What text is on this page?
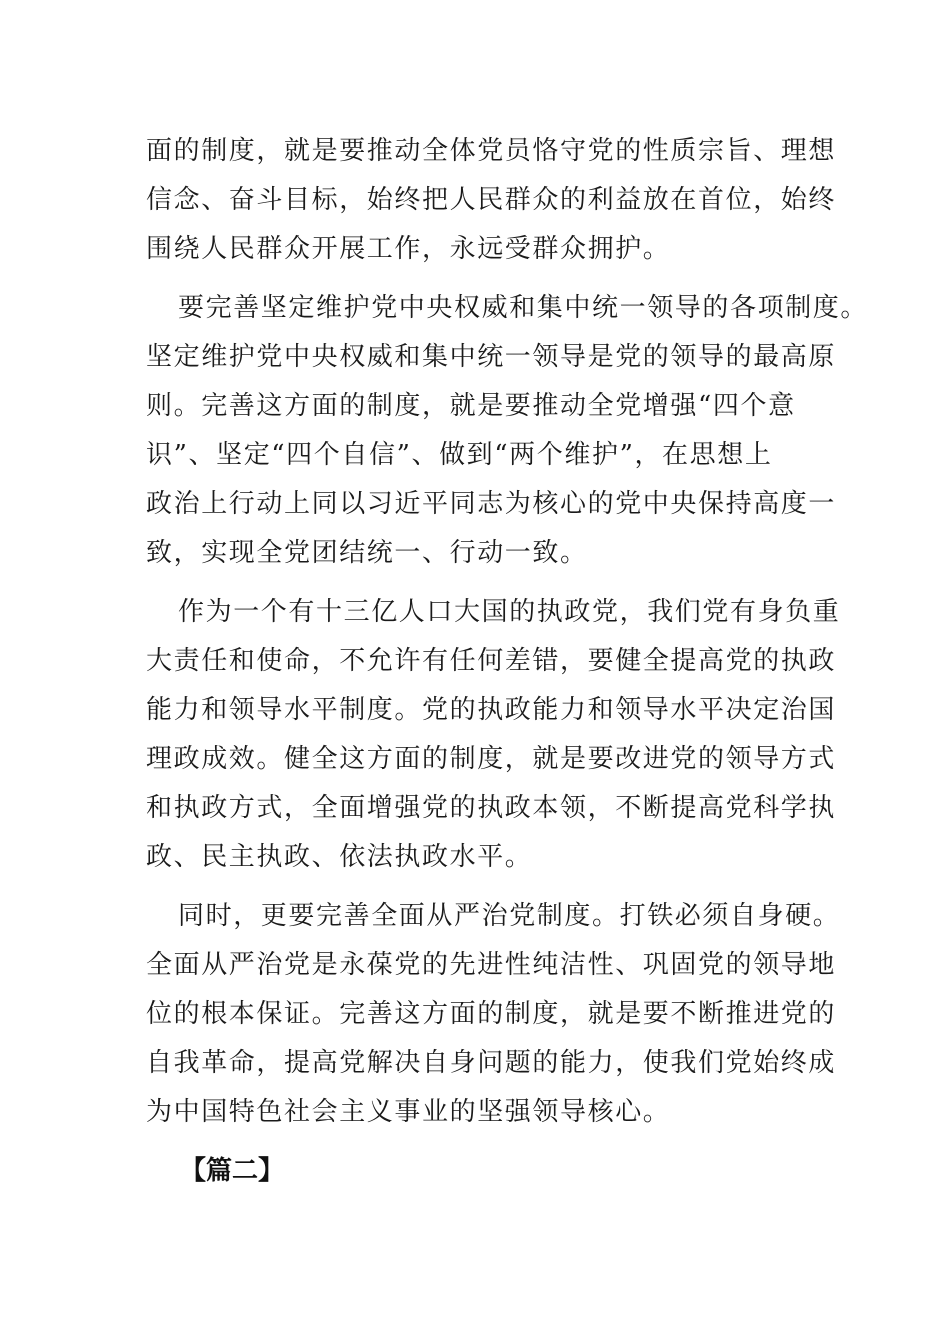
面的制度，就是要推动全体党员恪守党的性质宗旨、理想
信念、奋斗目标，始终把人民群众的利益放在首位，始终
围绕人民群众开展工作，永远受群众拥护。
要完善坚定维护党中央权威和集中统一领导的各项制度。
坚定维护党中央权威和集中统一领导是党的领导的最高原
则。完善这方面的制度，就是要推动全党增强“四个意
识”、坚定“四个自信”、做到“两个维护”，在思想上
政治上行动上同以习近平同志为核心的党中央保持高度一
致，实现全党团结统一、行动一致。
作为一个有十三亿人口大国的执政党，我们党有身负重
大责任和使命，不允许有任何差错，要健全提高党的执政
能力和领导水平制度。党的执政能力和领导水平决定治国
理政成效。健全这方面的制度，就是要改进党的领导方式
和执政方式，全面增强党的执政本领，不断提高党科学执
政、民主执政、依法执政水平。
同时，更要完善全面从严治党制度。打铁必须自身硬。
全面从严治党是永葆党的先进性纯洁性、巩固党的领导地
位的根本保证。完善这方面的制度，就是要不断推进党的
自我革命，提高党解决自身问题的能力，使我们党始终成
为中国特色社会主义事业的坚强领导核心。
【篇二】
